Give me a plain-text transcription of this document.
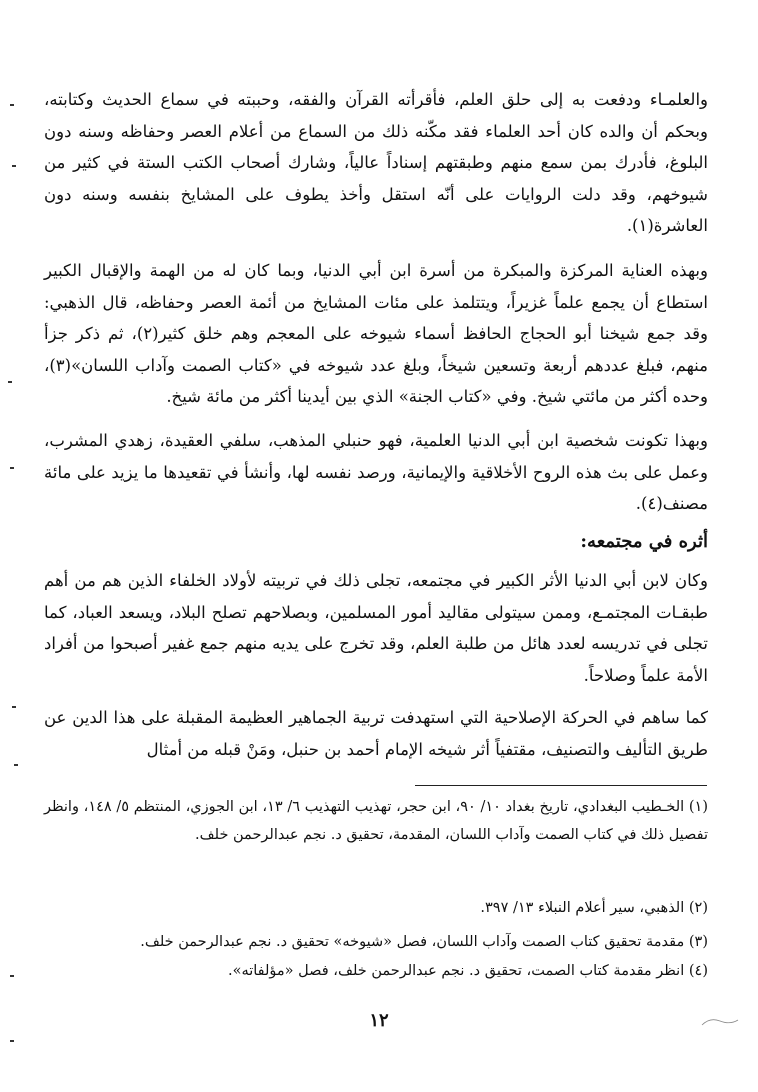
والعلمـاء ودفعت به إلى حلق العلم، فأقرأته القرآن والفقه، وحببته في سماع الحديث وكتابته، وبحكم أن والده كان أحد العلماء فقد مكّنه ذلك من السماع من أعلام العصر وحفاظه وسنه دون البلوغ، فأدرك بمن سمع منهم وطبقتهم إسناداً عالياً، وشارك أصحاب الكتب الستة في كثير من شيوخهم، وقد دلت الروايات على أنّه استقل وأخذ يطوف على المشايخ بنفسه وسنه دون العاشرة(١).
وبهذه العناية المركزة والمبكرة من أسرة ابن أبي الدنيا، وبما كان له من الهمة والإقبال الكبير استطاع أن يجمع علماً غزيراً، ويتتلمذ على مئات المشايخ من أئمة العصر وحفاظه، قال الذهبي: وقد جمع شيخنا أبو الحجاج الحافظ أسماء شيوخه على المعجم وهم خلق كثير(٢)، ثم ذكر جزأ منهم، فبلغ عددهم أربعة وتسعين شيخاً، وبلغ عدد شيوخه في «كتاب الصمت وآداب اللسان»(٣)، وحده أكثر من مائتي شيخ. وفي «كتاب الجنة» الذي بين أيدينا أكثر من مائة شيخ.
وبهذا تكونت شخصية ابن أبي الدنيا العلمية، فهو حنبلي المذهب، سلفي العقيدة، زهدي المشرب، وعمل على بث هذه الروح الأخلاقية والإيمانية، ورصد نفسه لها، وأنشأ في تقعيدها ما يزيد على مائة مصنف(٤).
أثره في مجتمعه:
وكان لابن أبي الدنيا الأثر الكبير في مجتمعه، تجلى ذلك في تربيته لأولاد الخلفاء الذين هم من أهم طبقـات المجتمـع، وممن سيتولى مقاليد أمور المسلمين، وبصلاحهم تصلح البلاد، ويسعد العباد، كما تجلى في تدريسه لعدد هائل من طلبة العلم، وقد تخرج على يديه منهم جمع غفير أصبحوا من أفراد الأمة علماً وصلاحاً.
كما ساهم في الحركة الإصلاحية التي استهدفت تربية الجماهير العظيمة المقبلة على هذا الدين عن طريق التأليف والتصنيف، مقتفياً أثر شيخه الإمام أحمد بن حنبل، ومَنْ قبله من أمثال
(١) الخـطيب البغدادي، تاريخ بغداد ١٠/ ٩٠، ابن حجر، تهذيب التهذيب ٦/ ١٣، ابن الجوزي، المنتظم ٥/ ١٤٨، وانظر تفصيل ذلك في كتاب الصمت وآداب اللسان، المقدمة، تحقيق د. نجم عبدالرحمن خلف.
(٢) الذهبي، سير أعلام النبلاء ١٣/ ٣٩٧.
(٣) مقدمة تحقيق كتاب الصمت وآداب اللسان، فصل «شيوخه» تحقيق د. نجم عبدالرحمن خلف.
(٤) انظر مقدمة كتاب الصمت، تحقيق د. نجم عبدالرحمن خلف، فصل «مؤلفاته».
١٢
